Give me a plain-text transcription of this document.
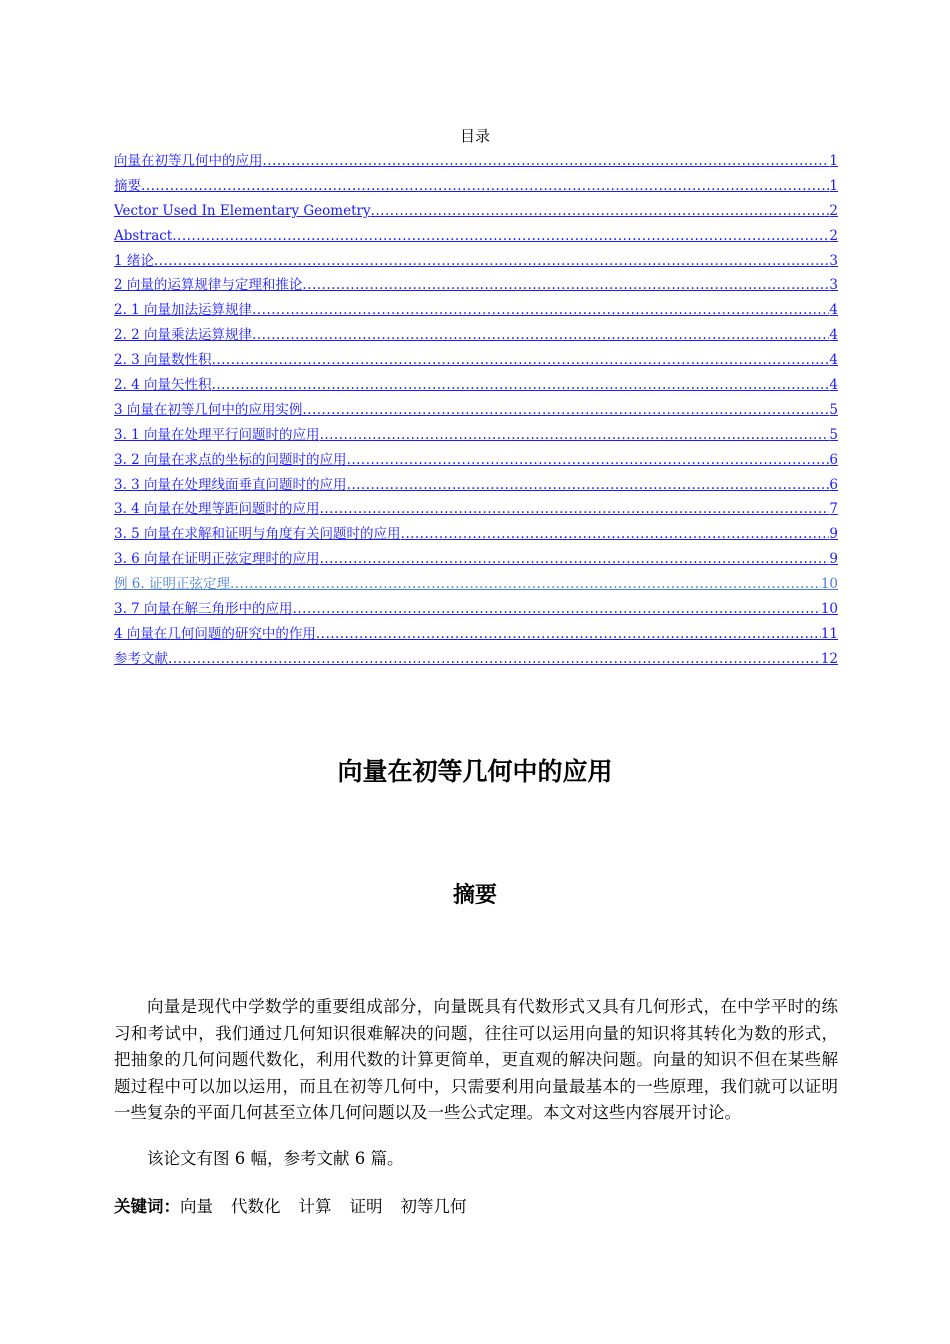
目录
向量在初等几何中的应用 .....	1
摘要 .....	1
Vector Used In Elementary Geometry .....	2
Abstract .....	2
1 绪论 .....	3
2 向量的运算规律与定理和推论 .....	3
2. 1 向量加法运算规律 .....	4
2. 2 向量乘法运算规律 .....	4
2. 3 向量数性积 .....	4
2. 4 向量矢性积 .....	4
3 向量在初等几何中的应用实例 .....	5
3. 1 向量在处理平行问题时的应用 .....	5
3. 2 向量在求点的坐标的问题时的应用 .....	6
3. 3 向量在处理线面垂直问题时的应用 .....	6
3. 4 向量在处理等距问题时的应用 .....	7
3. 5 向量在求解和证明与角度有关问题时的应用 .....	9
3. 6 向量在证明正弦定理时的应用 .....	9
例 6. 证明正弦定理 .....	10
3. 7 向量在解三角形中的应用 .....	10
4 向量在几何问题的研究中的作用 .....	11
参考文献 .....	12
向量在初等几何中的应用
摘要
向量是现代中学数学的重要组成部分，向量既具有代数形式又具有几何形式，在中学平时的练习和考试中，我们通过几何知识很难解决的问题，往往可以运用向量的知识将其转化为数的形式，把抽象的几何问题代数化，利用代数的计算更简单，更直观的解决问题。向量的知识不但在某些解题过程中可以加以运用，而且在初等几何中，只需要利用向量最基本的一些原理，我们就可以证明一些复杂的平面几何甚至立体几何问题以及一些公式定理。本文对这些内容展开讨论。
该论文有图 6 幅，参考文献 6 篇。
关键词：向量 代数化 计算 证明 初等几何
